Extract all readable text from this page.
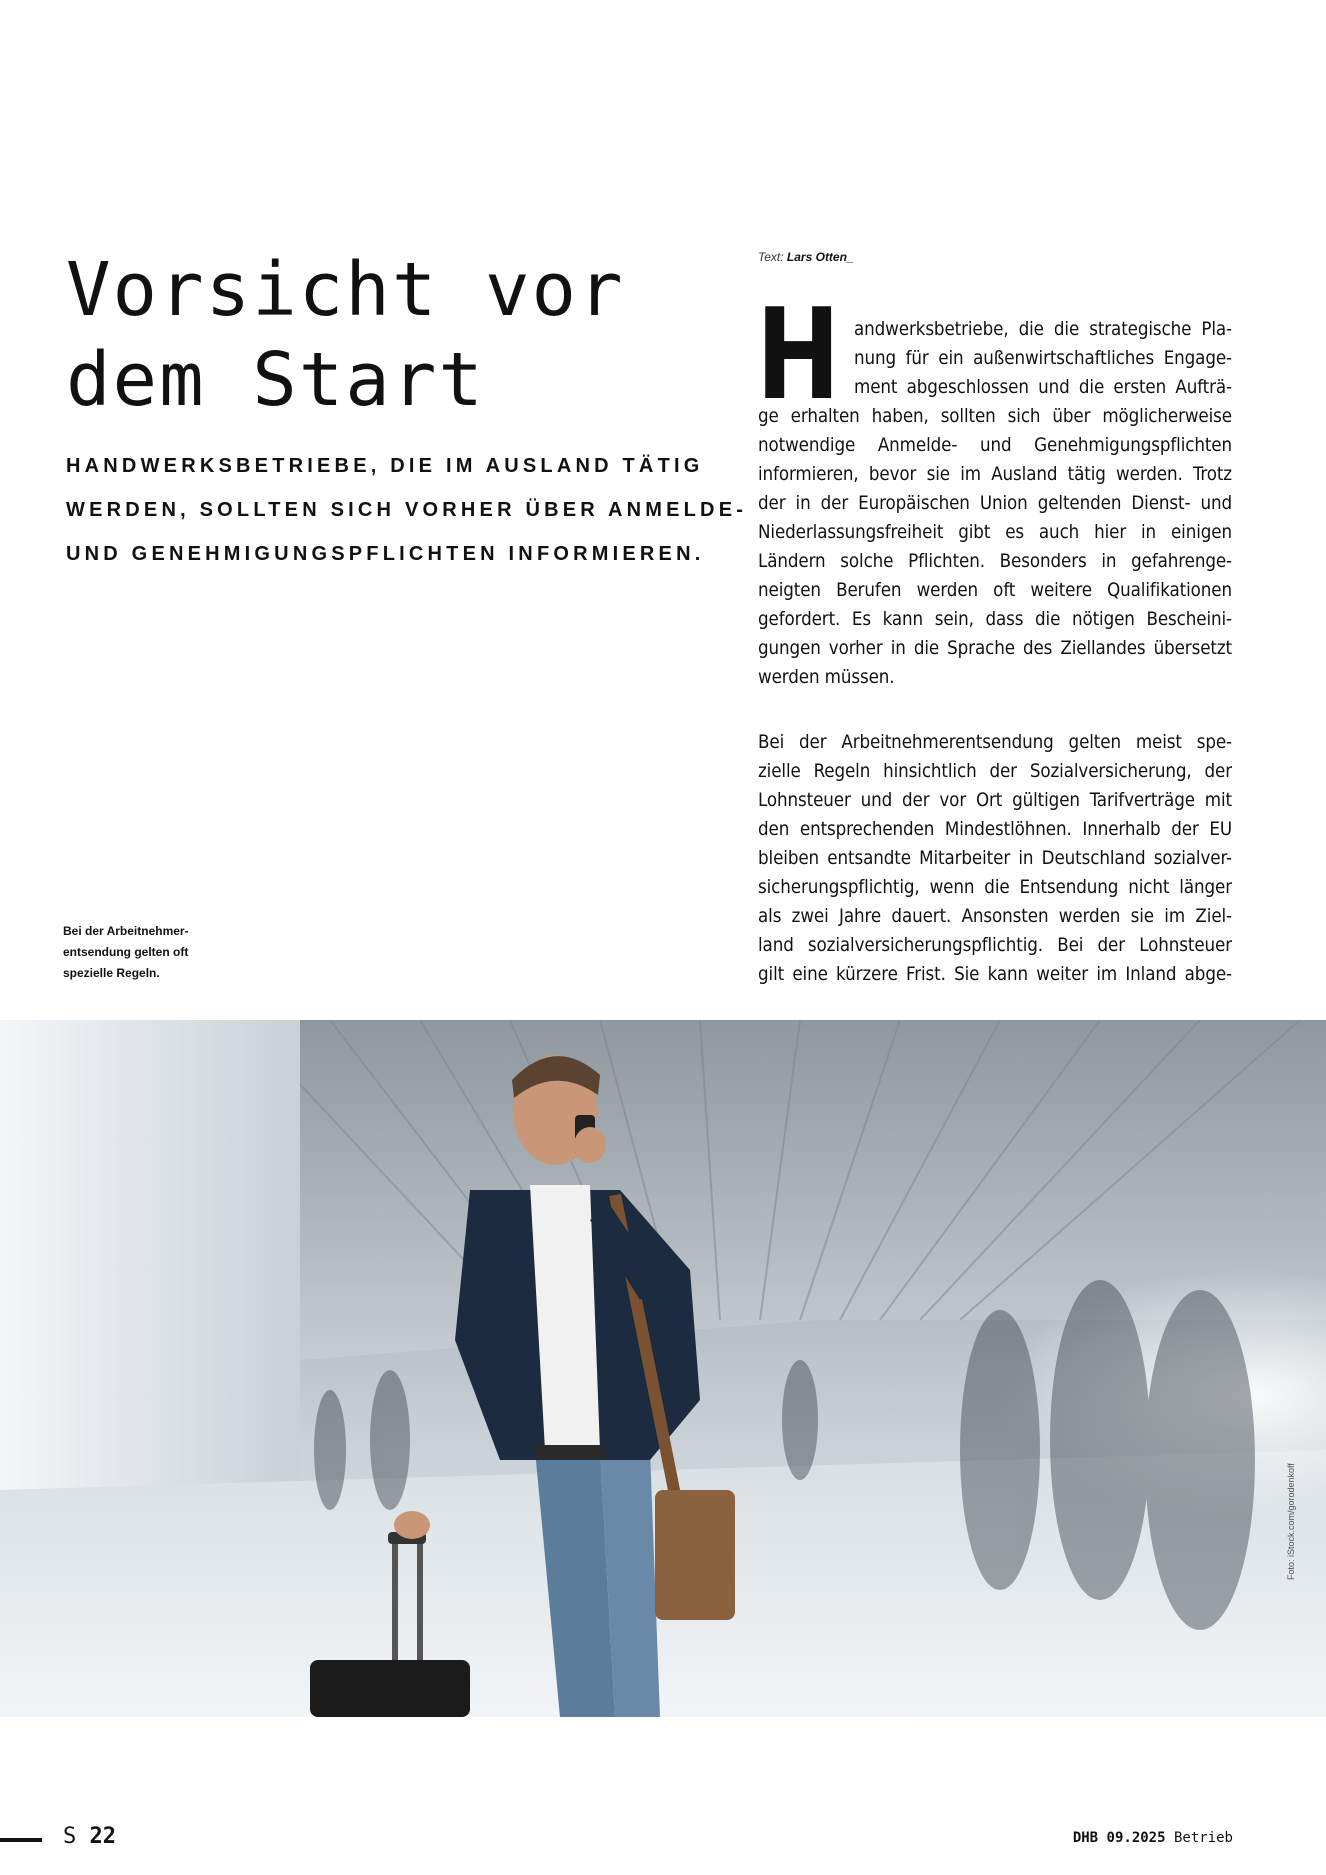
Vorsicht vor
dem Start

HANDWERKSBETRIEBE, DIE IM AUSLAND TÄTIG
WERDEN, SOLLTEN SICH VORHER ÜBER ANMELDE-
UND GENEHMIGUNGSPFLICHTEN INFORMIEREN.

Text: Lars Otten_
H andwerksbetriebe, die die strategische Pla-
nung für ein außenwirtschaftliches Engage-
ment abgeschlossen und die ersten Aufträ-
ge erhalten haben, sollten sich über möglicherweise
notwendige Anmelde- und Genehmigungspflichten
informieren, bevor sie im Ausland tätig werden. Trotz
der in der Europäischen Union geltenden Dienst- und
Niederlassungsfreiheit gibt es auch hier in einigen
Ländern solche Pflichten. Besonders in gefahrenge-
neigten Berufen werden oft weitere Qualifikationen
gefordert. Es kann sein, dass die nötigen Bescheini-
gungen vorher in die Sprache des Ziellandes übersetzt
werden müssen.
Bei der Arbeitnehmerentsendung gelten meist spe-
zielle Regeln hinsichtlich der Sozialversicherung, der
Lohnsteuer und der vor Ort gültigen Tarifverträge mit
den entsprechenden Mindestlöhnen. Innerhalb der EU
bleiben entsandte Mitarbeiter in Deutschland sozialver-
sicherungspflichtig, wenn die Entsendung nicht länger
als zwei Jahre dauert. Ansonsten werden sie im Ziel-
land sozialversicherungspflichtig. Bei der Lohnsteuer
gilt eine kürzere Frist. Sie kann weiter im Inland abge-
Bei der Arbeitnehmer-
entsendung gelten oft
spezielle Regeln.
Foto: iStock.com/gorodenkoff
S 22	DHB 09.2025 Betrieb
